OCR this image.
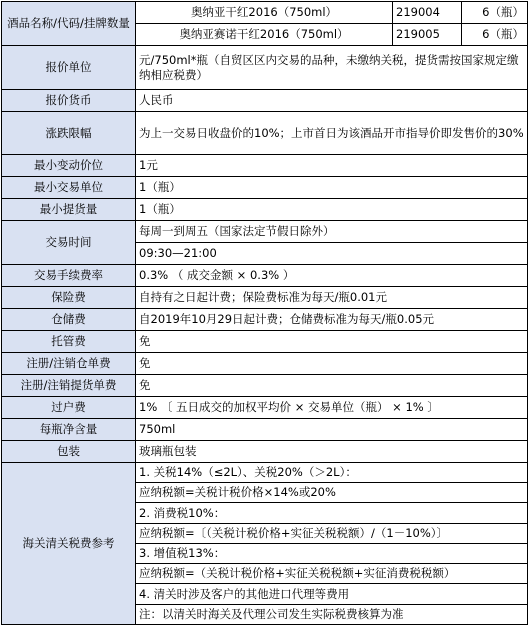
酒品名称/代码/挂牌数量	奥纳亚干红2016（750ml）	219004	6（瓶）
	奥纳亚赛诺干红2016（750ml）	219005	6（瓶）
报价单位	元/750ml*瓶（自贸区区内交易的品种，未缴纳关税，提货需按国家规定缴纳相应税费）		
报价货币	人民币		
涨跌限幅	为上一交易日收盘价的10%；上市首日为该酒品开市指导价即发售价的30%		
最小变动价位	1元		
最小交易单位	1（瓶）		
最小提货量	1（瓶）		
交易时间	每周一到周五（国家法定节假日除外）		
	09:30—21:00		
交易手续费率	0.3% （ 成交金额 × 0.3% ）		
保险费	自持有之日起计费；保险费标准为每天/瓶0.01元		
仓储费	自2019年10月29日起计费；仓储费标准为每天/瓶0.05元		
托管费	免		
注册/注销仓单费	免		
注册/注销提货单费	免		
过户费	1% 〔 五日成交的加权平均价 × 交易单位（瓶） × 1% 〕		
每瓶净含量	750ml		
包装	玻璃瓶包装		
海关清关税费参考	1. 关税14%（≤2L）、关税20%（＞2L）：		
	应纳税额=关税计税价格×14%或20%		
	2. 消费税10%：		
	应纳税额=〔（关税计税价格+实征关税税额）/（1－10%）〕		
	3. 增值税13%：		
	应纳税额=（关税计税价格+实征关税税额+实征消费税税额）		
	4. 清关时涉及客户的其他进口代理等费用		
	注：以清关时海关及代理公司发生实际税费核算为准		
